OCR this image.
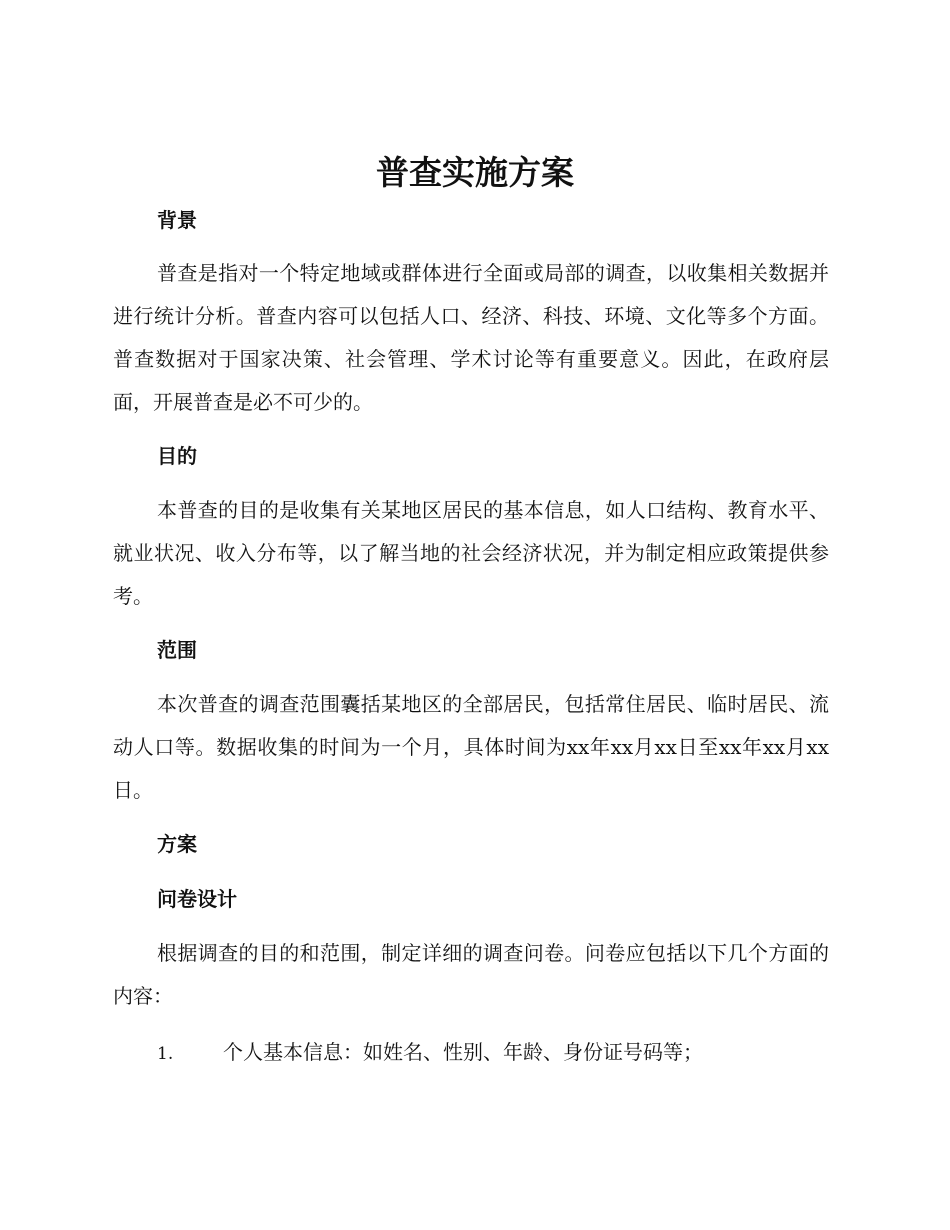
普查实施方案
背景
普查是指对一个特定地域或群体进行全面或局部的调查，以收集相关数据并进行统计分析。普查内容可以包括人口、经济、科技、环境、文化等多个方面。普查数据对于国家决策、社会管理、学术讨论等有重要意义。因此，在政府层面，开展普查是必不可少的。
目的
本普查的目的是收集有关某地区居民的基本信息，如人口结构、教育水平、就业状况、收入分布等，以了解当地的社会经济状况，并为制定相应政策提供参考。
范围
本次普查的调查范围囊括某地区的全部居民，包括常住居民、临时居民、流动人口等。数据收集的时间为一个月，具体时间为xx年xx月xx日至xx年xx月xx日。
方案
问卷设计
根据调查的目的和范围，制定详细的调查问卷。问卷应包括以下几个方面的内容：
1. 个人基本信息：如姓名、性别、年龄、身份证号码等；
